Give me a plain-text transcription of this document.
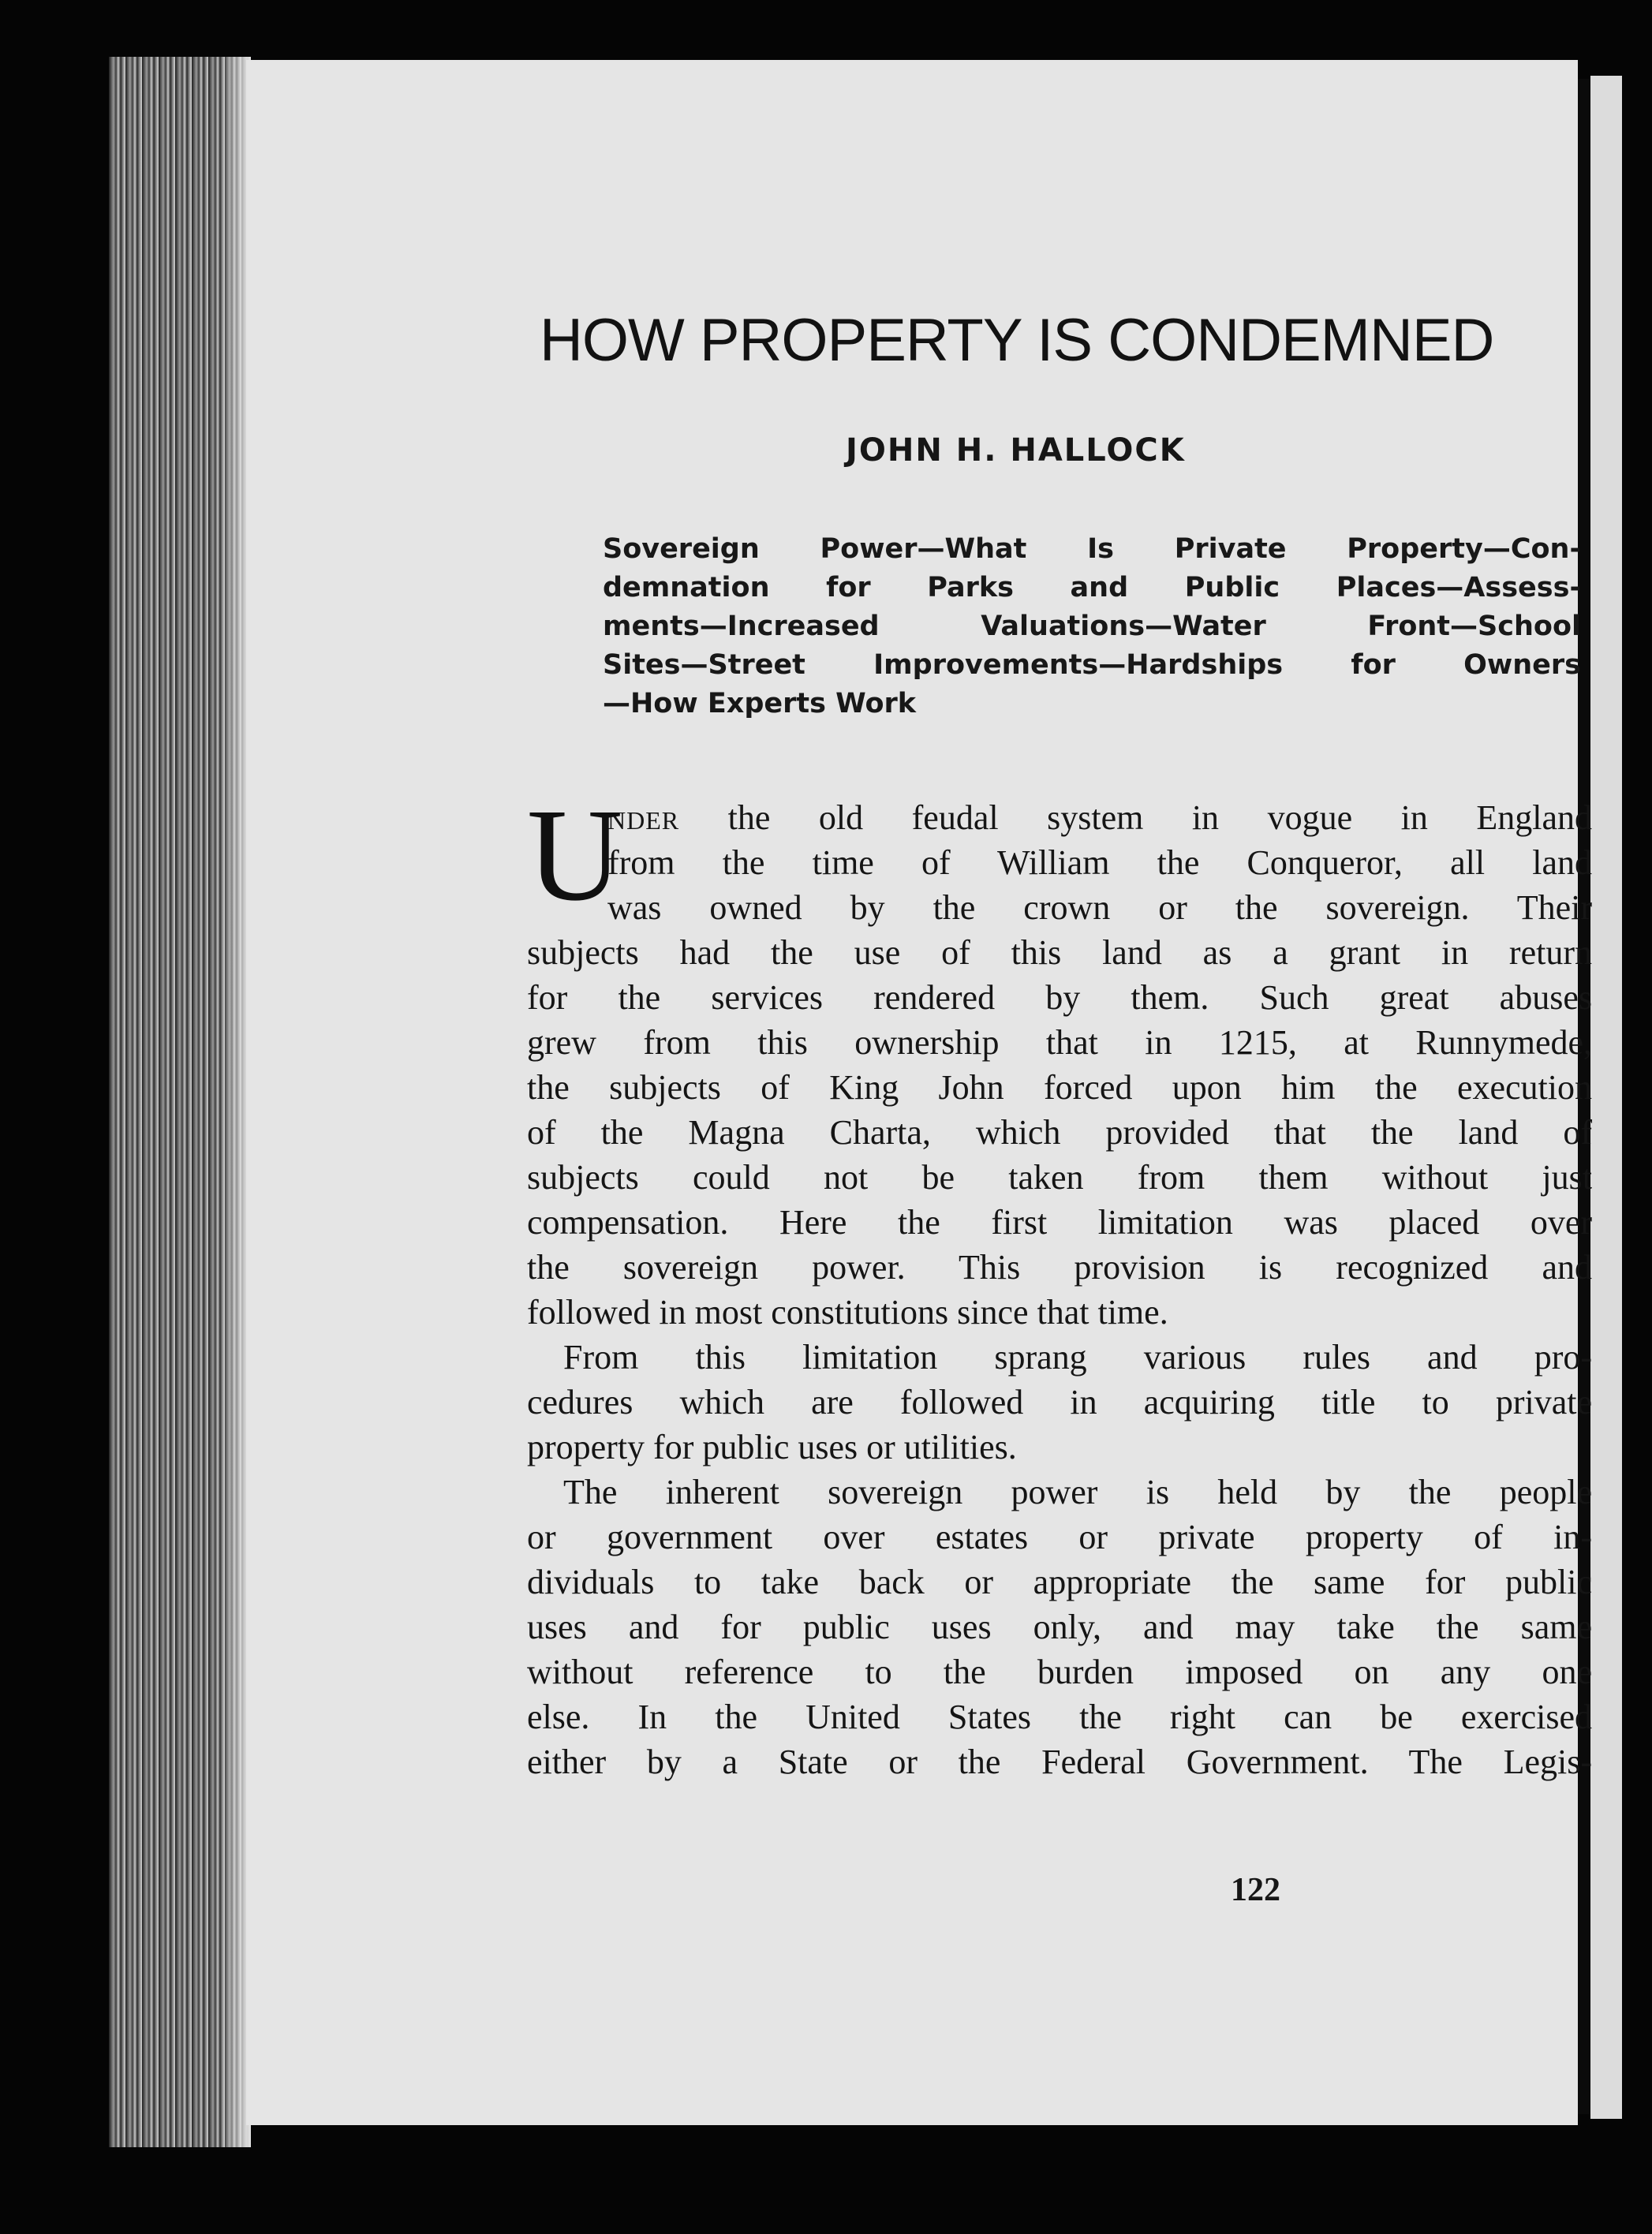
HOW PROPERTY IS CONDEMNED

JOHN H. HALLOCK

Sovereign Power—What Is Private Property—Con-
demnation for Parks and Public Places—Assess-
ments—Increased Valuations—Water Front—School
Sites—Street Improvements—Hardships for Owners
—How Experts Work
U
NDER the old feudal system in vogue in England
from the time of William the Conqueror, all land
was owned by the crown or the sovereign. Their
subjects had the use of this land as a grant in return
for the services rendered by them. Such great abuses
grew from this ownership that in 1215, at Runnymede,
the subjects of King John forced upon him the execution
of the Magna Charta, which provided that the land of
subjects could not be taken from them without just
compensation. Here the first limitation was placed over
the sovereign power. This provision is recognized and
followed in most constitutions since that time.
From this limitation sprang various rules and pro-
cedures which are followed in acquiring title to private
property for public uses or utilities.
The inherent sovereign power is held by the people
or government over estates or private property of in-
dividuals to take back or appropriate the same for public
uses and for public uses only, and may take the same
without reference to the burden imposed on any one
else. In the United States the right can be exercised
either by a State or the Federal Government. The Legis-

122
